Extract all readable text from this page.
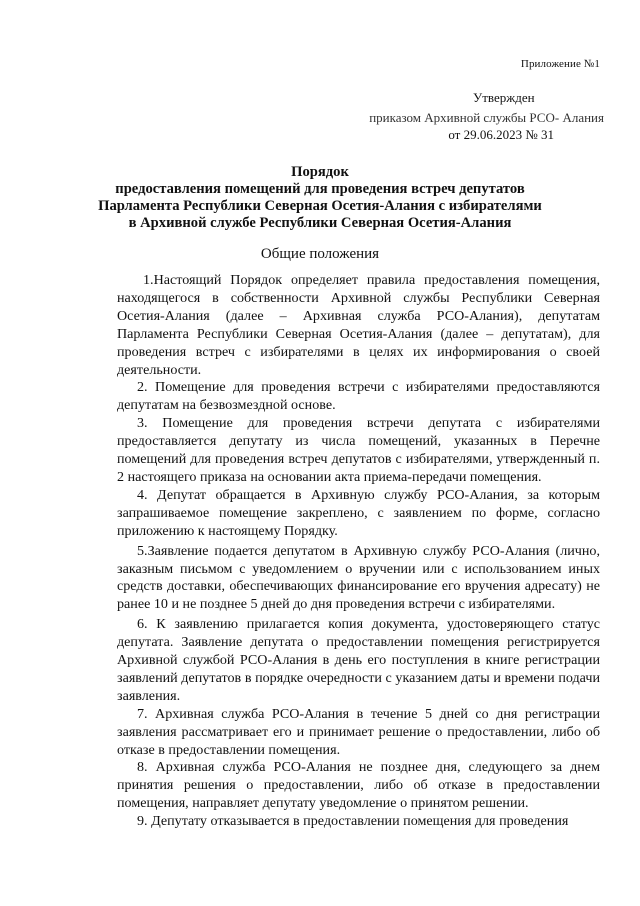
Приложение №1
Утвержден
приказом Архивной службы РСО- Алания
от 29.06.2023 № 31
Порядок
предоставления помещений для проведения встреч депутатов
Парламента Республики Северная Осетия-Алания с избирателями
в Архивной службе Республики Северная Осетия-Алания
Общие положения

1.Настоящий Порядок определяет правила предоставления помещения, находящегося в собственности Архивной службы Республики Северная Осетия-Алания (далее – Архивная служба РСО-Алания), депутатам Парламента Республики Северная Осетия-Алания (далее – депутатам), для проведения встреч с избирателями в целях их информирования о своей деятельности.

2. Помещение для проведения встречи с избирателями предоставляются депутатам на безвозмездной основе.

3. Помещение для проведения встречи депутата с избирателями предоставляется депутату из числа помещений, указанных в Перечне помещений для проведения встреч депутатов с избирателями, утвержденный п. 2 настоящего приказа на основании акта приема-передачи помещения.

4. Депутат обращается в Архивную службу РСО-Алания, за которым запрашиваемое помещение закреплено, с заявлением по форме, согласно приложению к настоящему Порядку.

5.Заявление подается депутатом в Архивную службу РСО-Алания (лично, заказным письмом с уведомлением о вручении или с использованием иных средств доставки, обеспечивающих финансирование его вручения адресату) не ранее 10 и не позднее 5 дней до дня проведения встречи с избирателями.

6. К заявлению прилагается копия документа, удостоверяющего статус депутата. Заявление депутата о предоставлении помещения регистрируется Архивной службой РСО-Алания в день его поступления в книге регистрации заявлений депутатов в порядке очередности с указанием даты и времени подачи заявления.

7. Архивная служба РСО-Алания в течение 5 дней со дня регистрации заявления рассматривает его и принимает решение о предоставлении, либо об отказе в предоставлении помещения.

8. Архивная служба РСО-Алания не позднее дня, следующего за днем принятия решения о предоставлении, либо об отказе в предоставлении помещения, направляет депутату уведомление о принятом решении.

9. Депутату отказывается в предоставлении помещения для проведения
